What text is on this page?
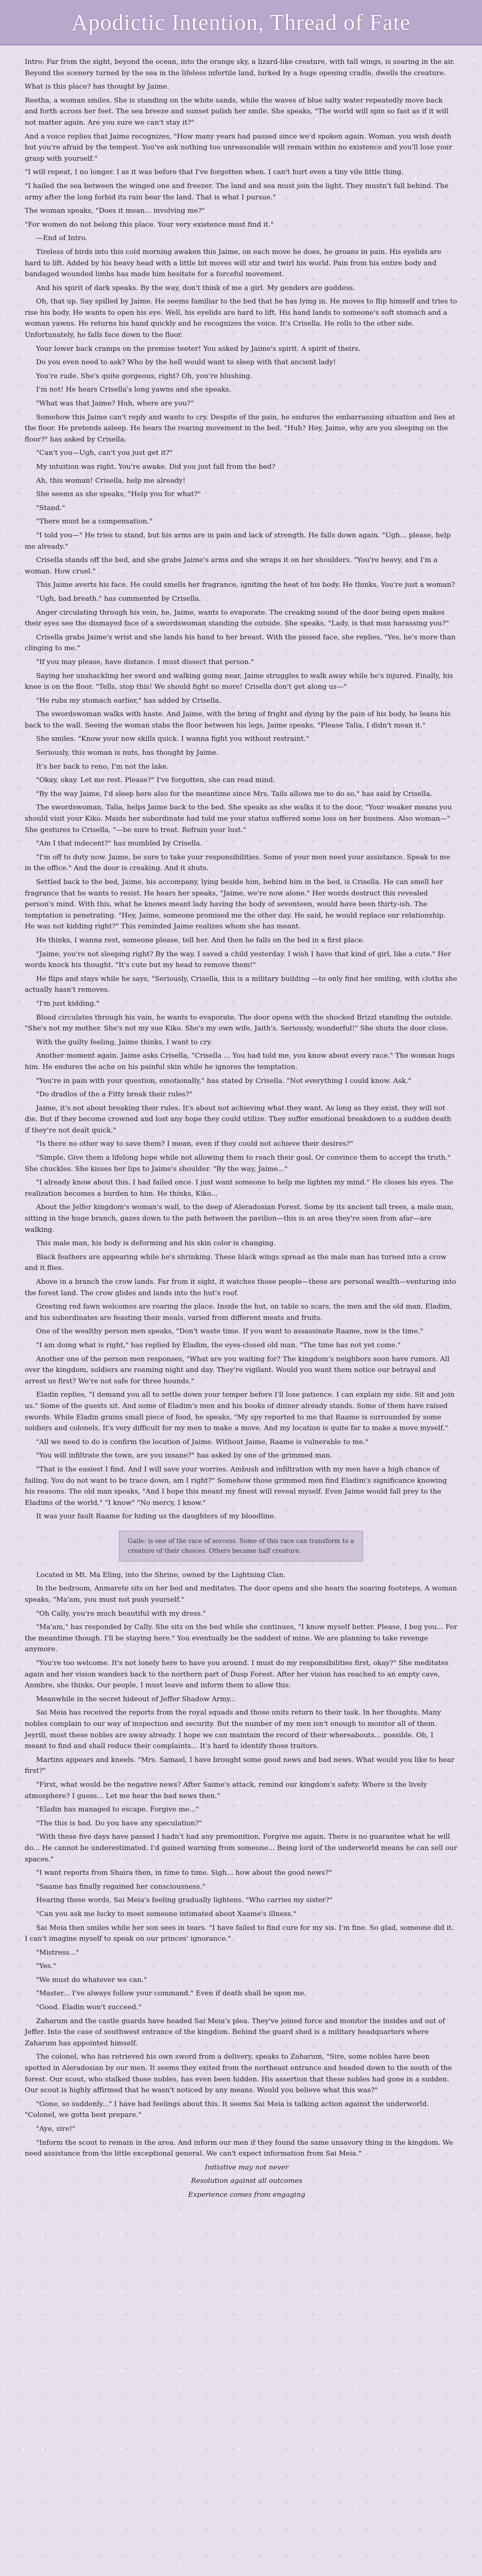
Apodictic Intention, Thread of Fate

Intro: Far from the sight, beyond the ocean, into the orange sky, a lizard-like creature, with tall wings, is soaring in the air. Beyond the scenery turned by the sea in the lifeless infertile land, lurked by a huge opening cradle, dwells the creature.

What is this place? has thought by Jaime.

Reetha, a woman smiles. She is standing on the white sands, while the waves of blue salty water repeatedly move back and forth across her feet. The sea breeze and sunset polish her smile. She speaks, "The world will spin so fast as if it will not matter again. Are you sure we can't stay it?"

And a voice replies that Jaime recognizes, "How many years had passed since we'd spoken again. Woman, you wish death but you're afraid by the tempest. You've ask nothing too unreasonable will remain within no existence and you'll lose your grasp with yourself."

"I will repeat, I no longer. I as it was before that I've forgotten when. I can't hurt even a tiny vile little thing.

"I hailed the sea between the winged one and freezer. The land and sea must join the light. They mustn't fall behind. The army after the long forbid its rain bear the land. That is what I pursue."

The woman speaks, "Does it mean... involving me?"

"For women do not belong this place. Your very existence must find it."

—End of Intro.

Tireless of birds into this cold morning awaken this Jaime, on each move he does, he groans in pain. His eyelids are hard to lift. Added by his heavy head with a little bit moves will stir and twirl his world. Pain from his entire body and bandaged wounded limbs has made him hesitate for a forceful movement.

And his spirit of dark speaks. By the way, don't think of me a girl. My genders are goddess.

Oh, that up. Say spilled by Jaime. He seems familiar to the bed that he has lying in. He moves to flip himself and tries to rise his body. He wants to open his eye. Well, his eyelids are hard to lift. His hand lands to someone's soft stomach and a woman yawns. He returns his hand quickly and he recognizes the voice. It's Crisella. He rolls to the other side. Unfortunately, he falls face down to the floor.

Your lower back cramps on the premise teeter! You asked by Jaime's spirit. A spirit of theirs.

Do you even need to ask? Who by the hell would want to sleep with that ancient lady!

You're rude. She's quite gorgeous, right? Oh, you're blushing.

I'm not! He hears Crisella's long yawns and she speaks,

"What was that Jaime? Huh, where are you?"

Somehow this Jaime can't reply and wants to cry. Despite of the pain, he endures the embarrassing situation and lies at the floor. He pretends asleep. He hears the rearing movement in the bed. "Huh? Hey, Jaime, why are you sleeping on the floor?" has asked by Crisella.

"Can't you—Ugh, can't you just get it?"

My intuition was right. You're awake. Did you just fall from the bed?

Ah, this woman! Crisella, help me already!

She seems as she speaks, "Help you for what?"

"Stand."

"There must be a compensation."

"I told you—" He tries to stand, but his arms are in pain and lack of strength. He falls down again. "Ugh... please, help me already."

Crisella stands off the bed, and she grabs Jaime's arms and she wraps it on her shoulders. "You're heavy, and I'm a woman. How cruel."

This Jaime averts his face. He could smells her fragrance, igniting the heat of his body. He thinks, You're just a woman?

"Ugh, bad breath." has commented by Crisella.

Anger circulating through his vein, he, Jaime, wants to evaporate. The creaking sound of the door being open makes their eyes see the dismayed face of a swordswoman standing the outside. She speaks, "Lady, is that man harassing you?"

Crisella grabs Jaime's wrist and she lands his hand to her breast. With the pissed face, she replies, "Yes, he's more than clinging to me."

"If you may please, have distance. I must dissect that person."

Saying her unshackling her sword and walking going near, Jaime struggles to walk away while he's injured. Finally, his knee is on the floor. "Tells, stop this! We should fight no more! Crisella don't get along us—"

"He rubs my stomach earlier," has added by Crisella.

The swordswoman walks with haste. And Jaime, with the bring of fright and dying by the pain of his body, he leans his back to the wall. Seeing the woman stabs the floor between his legs, Jaime speaks, "Please Talia, I didn't mean it."

She smiles. "Know your new skills quick. I wanna fight you without restraint."

Seriously, this woman is nuts, has thought by Jaime.

It's her back to reno, I'm not the lake.

"Okay, okay. Let me rest. Please?" I've forgotten, she can read mind.

"By the way Jaime, I'd sleep here also for the meantime since Mrs. Tails allows me to do so," has said by Crisella.

The swordswoman, Talia, helps Jaime back to the bed. She speaks as she walks it to the door, "Your weaker means you should visit your Kiko. Maids her subordinate had told me your status suffered some loss on her business. Also woman—" She gestures to Crisella, "—be sure to treat. Refrain your lust."

"Am I that indecent?" has mumbled by Crisella.

"I'm off to duty now. Jaime, be sure to take your responsibilities. Some of your men need your assistance. Speak to me in the office." And the door is creaking. And it shuts.

Settled back to the bed, Jaime, his accompany, lying beside him, behind him in the bed, is Crisella. He can smell her fragrance that he wants to resist. He hears her speaks, "Jaime, we're now alone." Her words destruct this revealed person's mind. With this, what he knows meant lady having the body of seventeen, would have been thirty-ish. The temptation is penetrating. "Hey, Jaime, someone promised me the other day. He said, he would replace our relationship. He was not kidding right?" This reminded Jaime realizes whom she has meant.

He thinks, I wanna rest, someone please, tell her. And then he falls on the bed in a first place.

"Jaime, you're not sleeping right? By the way, I saved a child yesterday. I wish I have that kind of girl, like a cute." Her words knock his thought. "It's cute but my head to remove them!"

He flips and stays while he says, "Seriously, Crisella, this is a military building —to only find her smiling, with cloths she actually hasn't removes.

"I'm just kidding."

Blood circulates through his vain, he wants to evaporate. The door opens with the shocked Brizzl standing the outside. "She's not my mother. She's not my sue Kiko. She's my own wife, Jaith's. Seriously, wonderful!" She shuts the door close.

With the guilty feeling, Jaime thinks, I want to cry.

Another moment again. Jaime asks Crisella, "Crisella ... You had told me, you know about every race." The woman hugs him. He endures the ache on his painful skin while he ignores the temptation.

"You're in pain with your question, emotionally," has stated by Crisella. "Not everything I could know. Ask."

"Do dradlos of the a Fitty break their rules?"

Jaime, it's not about breaking their rules. It's about not achieving what they want. As long as they exist, they will not die. But if they become crowned and lost any hope they could utilize. They suffer emotional breakdown to a sudden death if they're not dealt quick."

"Is there no other way to save them? I mean, even if they could not achieve their desires?"

"Simple. Give them a lifelong hope while not allowing them to reach their goal. Or convince them to accept the truth." She chuckles. She kisses her lips to Jaime's shoulder. "By the way, Jaime..."

"I already know about this. I had failed once. I just want someone to help me lighten my mind." He closes his eyes. The realization becomes a burden to him. He thinks, Kiko...

About the Jelfer kingdom's woman's wall, to the deep of Aleradosian Forest. Some by its ancient tall trees, a male man, sitting in the huge branch, gazes down to the path between the pavilion—this is an area they're seen from afar—are walking.

This male man, his body is deforming and his skin color is changing.

Black feathers are appearing while he's shrinking. These black wings spread as the male man has turned into a crow and it flies.

Above in a branch the crow lands. Far from it sight, it watches those people—these are personal wealth—venturing into the forest land. The crow glides and lands into the hut's roof.

Greeting red fawn welcomes are roaring the place. Inside the hut, on table so scars, the men and the old man, Eladim, and his subordinates are feasting their meals, varied from different meats and fruits.

One of the wealthy person men speaks, "Don't waste time. If you want to assassinate Raame, now is the time."

"I am doing what is right," has replied by Eladim, the eyes-closed old man. "The time has not yet come."

Another one of the person men responses, "What are you waiting for? The kingdom's neighbors soon have rumors. All over the kingdom, soldiers are roaming night and day. They're vigilant. Would you want them notice our betrayal and arrest us first? We're not safe for three hounds."

Eladin replies, "I demand you all to settle down your temper before I'll lose patience. I can explain my side. Sit and join us." Some of the guests sit. And some of Eladim's men and his books of dinner already stands. Some of them have raised swords. While Eladin grains small piece of food, he speaks, "My spy reported to me that Raame is surrounded by some soldiers and colonels. It's very difficult for my men to make a move. And my location is quite far to make a move myself."

"All we need to do is confirm the location of Jaime. Without Jaime, Raame is vulnerable to me."

"You will infiltrate the town, are you insane?" has asked by one of the grimmed man.

"That is the easiest I find. And I will save your worries. Ambush and infiltration with my men have a high chance of failing. You do not want to be trace down, am I right?" Somehow those grimmed men find Eladim's significance knowing his reasons. The old man speaks, "And I hope this meant my finest will reveal myself. Even Jaime would fall prey to the Eladims of the world." "I know" "No mercy, I know."

It was your fault Raame for hiding us the daughters of my bloodline.

Gaile: is one of the race of sorcess. Some of this race can transform to a creature of their choices. Others became half creature.

Located in Mt. Ma Eling, into the Shrine, owned by the Lightning Clan.

In the bedroom, Anmarete sits on her bed and meditates. The door opens and she hears the soaring footsteps. A woman speaks, "Ma'am, you must not push yourself."

"Oh Cally, you're much beautiful with my dress."

"Ma'am," has responded by Cally. She sits on the bed while she continues, "I know myself better. Please, I beg you... For the meantime though. I'll be staying here." You eventually be the saddest of mine. We are planning to take revenge anymore.

"You're too welcome. It's not lonely here to have you around. I must do my responsibilities first, okay?" She meditates again and her vision wanders back to the northern part of Dusp Forest. After her vision has reached to an empty cave, Anmbre, she thinks, Our people, I must leave and inform them to allow this.

Meanwhile in the secret hideout of Jeffer Shadow Army...

Sai Meia has received the reports from the royal squads and those units return to their task. In her thoughts, Many nobles complain to our way of inspection and security. But the number of my men isn't enough to monitor all of them. Jeyrill, most these nobles are away already. I hope we can maintain the record of their whereabouts... possible. Oh, I meant to find and shall reduce their complaints... It's hard to identify those traitors.

Martins appears and kneels. "Mrs. Samael, I have brought some good news and bad news. What would you like to hear first?"

"First, what would be the negative news? After Saime's attack, remind our kingdom's safety. Where is the lively atmosphere? I guess... Let me hear the bad news then."

"Eladin has managed to escape. Forgive me..."

"The this is bad. Do you have any speculation?"

"With these five days have passed I hadn't had any premonition. Forgive me again. There is no guarantee what he will do... He cannot be underestimated. I'd gained warning from someone... Being lord of the underworld means he can sell our spaces."

"I want reports from Shaira then, in time to time. Sigh... how about the good news?"

"Saame has finally regained her consciousness."

Hearing these words, Sai Meia's feeling gradually lightens. "Who carries my sister?"

"Can you ask me lucky to meet someone intimated about Xaame's illness."

Sai Meia then smiles while her son sees in tears. "I have failed to find cure for my sis. I'm fine. So glad, someone did it. I can't imagine myself to speak on our princes' ignorance."

"Mistress..."

"Yes."

"We must do whatever we can."

"Master... I've always follow your command." Even if death shall be upon me.

"Good. Eladin won't succeed."

Zaharum and the castle guards have headed Sai Meia's plea. They've joined force and monitor the insides and out of Jeffer. Into the case of southwest entrance of the kingdom. Behind the guard shed is a military headquarters where Zaharum has appointed himself.

The colonel, who has retrieved his own sword from a delivery, speaks to Zaharum, "Sire, some nobles have been spotted in Aleradosian by our men. It seems they exited from the northeast entrance and headed down to the south of the forest. Our scout, who stalked those nobles, has even been hidden. His assertion that these nobles had gone in a sudden. Our scout is highly affirmed that he wasn't noticed by any means. Would you believe what this was?"

"Gone, so suddenly..." I have bad feelings about this. It seems Sai Meia is talking action against the underworld. "Colonel, we gotta best prepare."

"Aye, sire!"

"Inform the scout to remain in the area. And inform our men if they found the same unsavory thing in the kingdom. We need assistance from the little exceptional general. We can't expect information from Sai Meia."

Initiative may not never

Resolution against all outcomes

Experience comes from engaging
